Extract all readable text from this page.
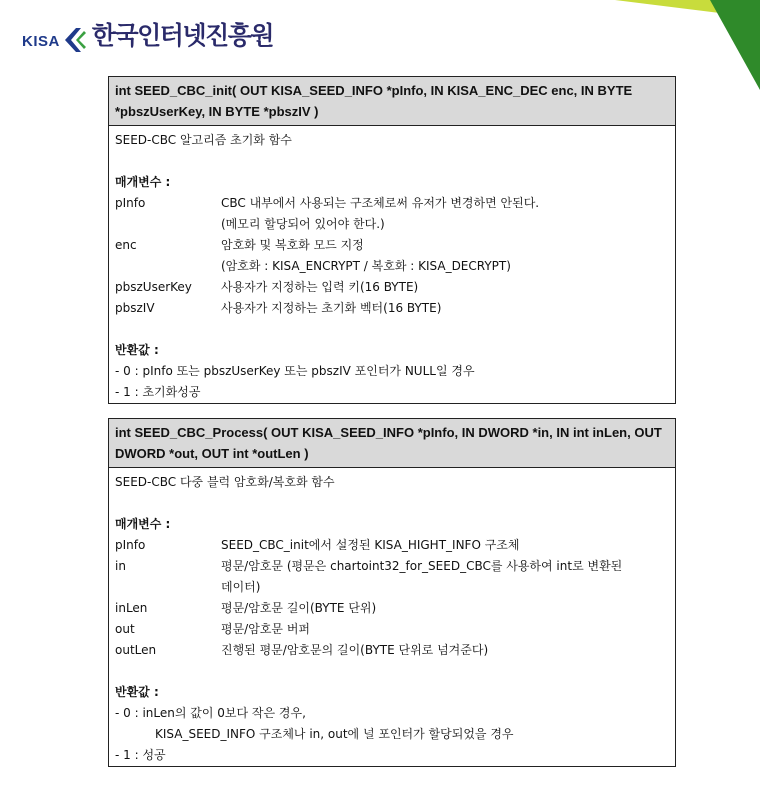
KISA 한국인터넷진흥원
int SEED_CBC_init( OUT KISA_SEED_INFO *pInfo, IN KISA_ENC_DEC enc, IN BYTE
*pbszUserKey, IN BYTE *pbszIV )
SEED-CBC 알고리즘 초기화 함수
매개변수 :
pInfo	CBC 내부에서 사용되는 구조체로써 유저가 변경하면 안된다.
(메모리 할당되어 있어야 한다.)
enc	암호화 및 복호화 모드 지정
(암호화 : KISA_ENCRYPT / 복호화 : KISA_DECRYPT)
pbszUserKey	사용자가 지정하는 입력 키(16 BYTE)
pbszIV	사용자가 지정하는 초기화 벡터(16 BYTE)
반환값 :
- 0 : pInfo 또는 pbszUserKey 또는 pbszIV 포인터가 NULL일 경우
- 1 : 초기화성공
int SEED_CBC_Process( OUT KISA_SEED_INFO *pInfo, IN DWORD *in, IN int inLen, OUT
DWORD *out, OUT int *outLen )
SEED-CBC 다중 블럭 암호화/복호화 함수
매개변수 :
pInfo	SEED_CBC_init에서 설정된 KISA_HIGHT_INFO 구조체
in	평문/암호문 (평문은 chartoint32_for_SEED_CBC를 사용하여 int로 변환된
데이터)
inLen	평문/암호문 길이(BYTE 단위)
out	평문/암호문 버퍼
outLen	진행된 평문/암호문의 길이(BYTE 단위로 넘겨준다)
반환값 :
- 0 : inLen의 값이 0보다 작은 경우,
KISA_SEED_INFO 구조체나 in, out에 널 포인터가 할당되었을 경우
- 1 : 성공
